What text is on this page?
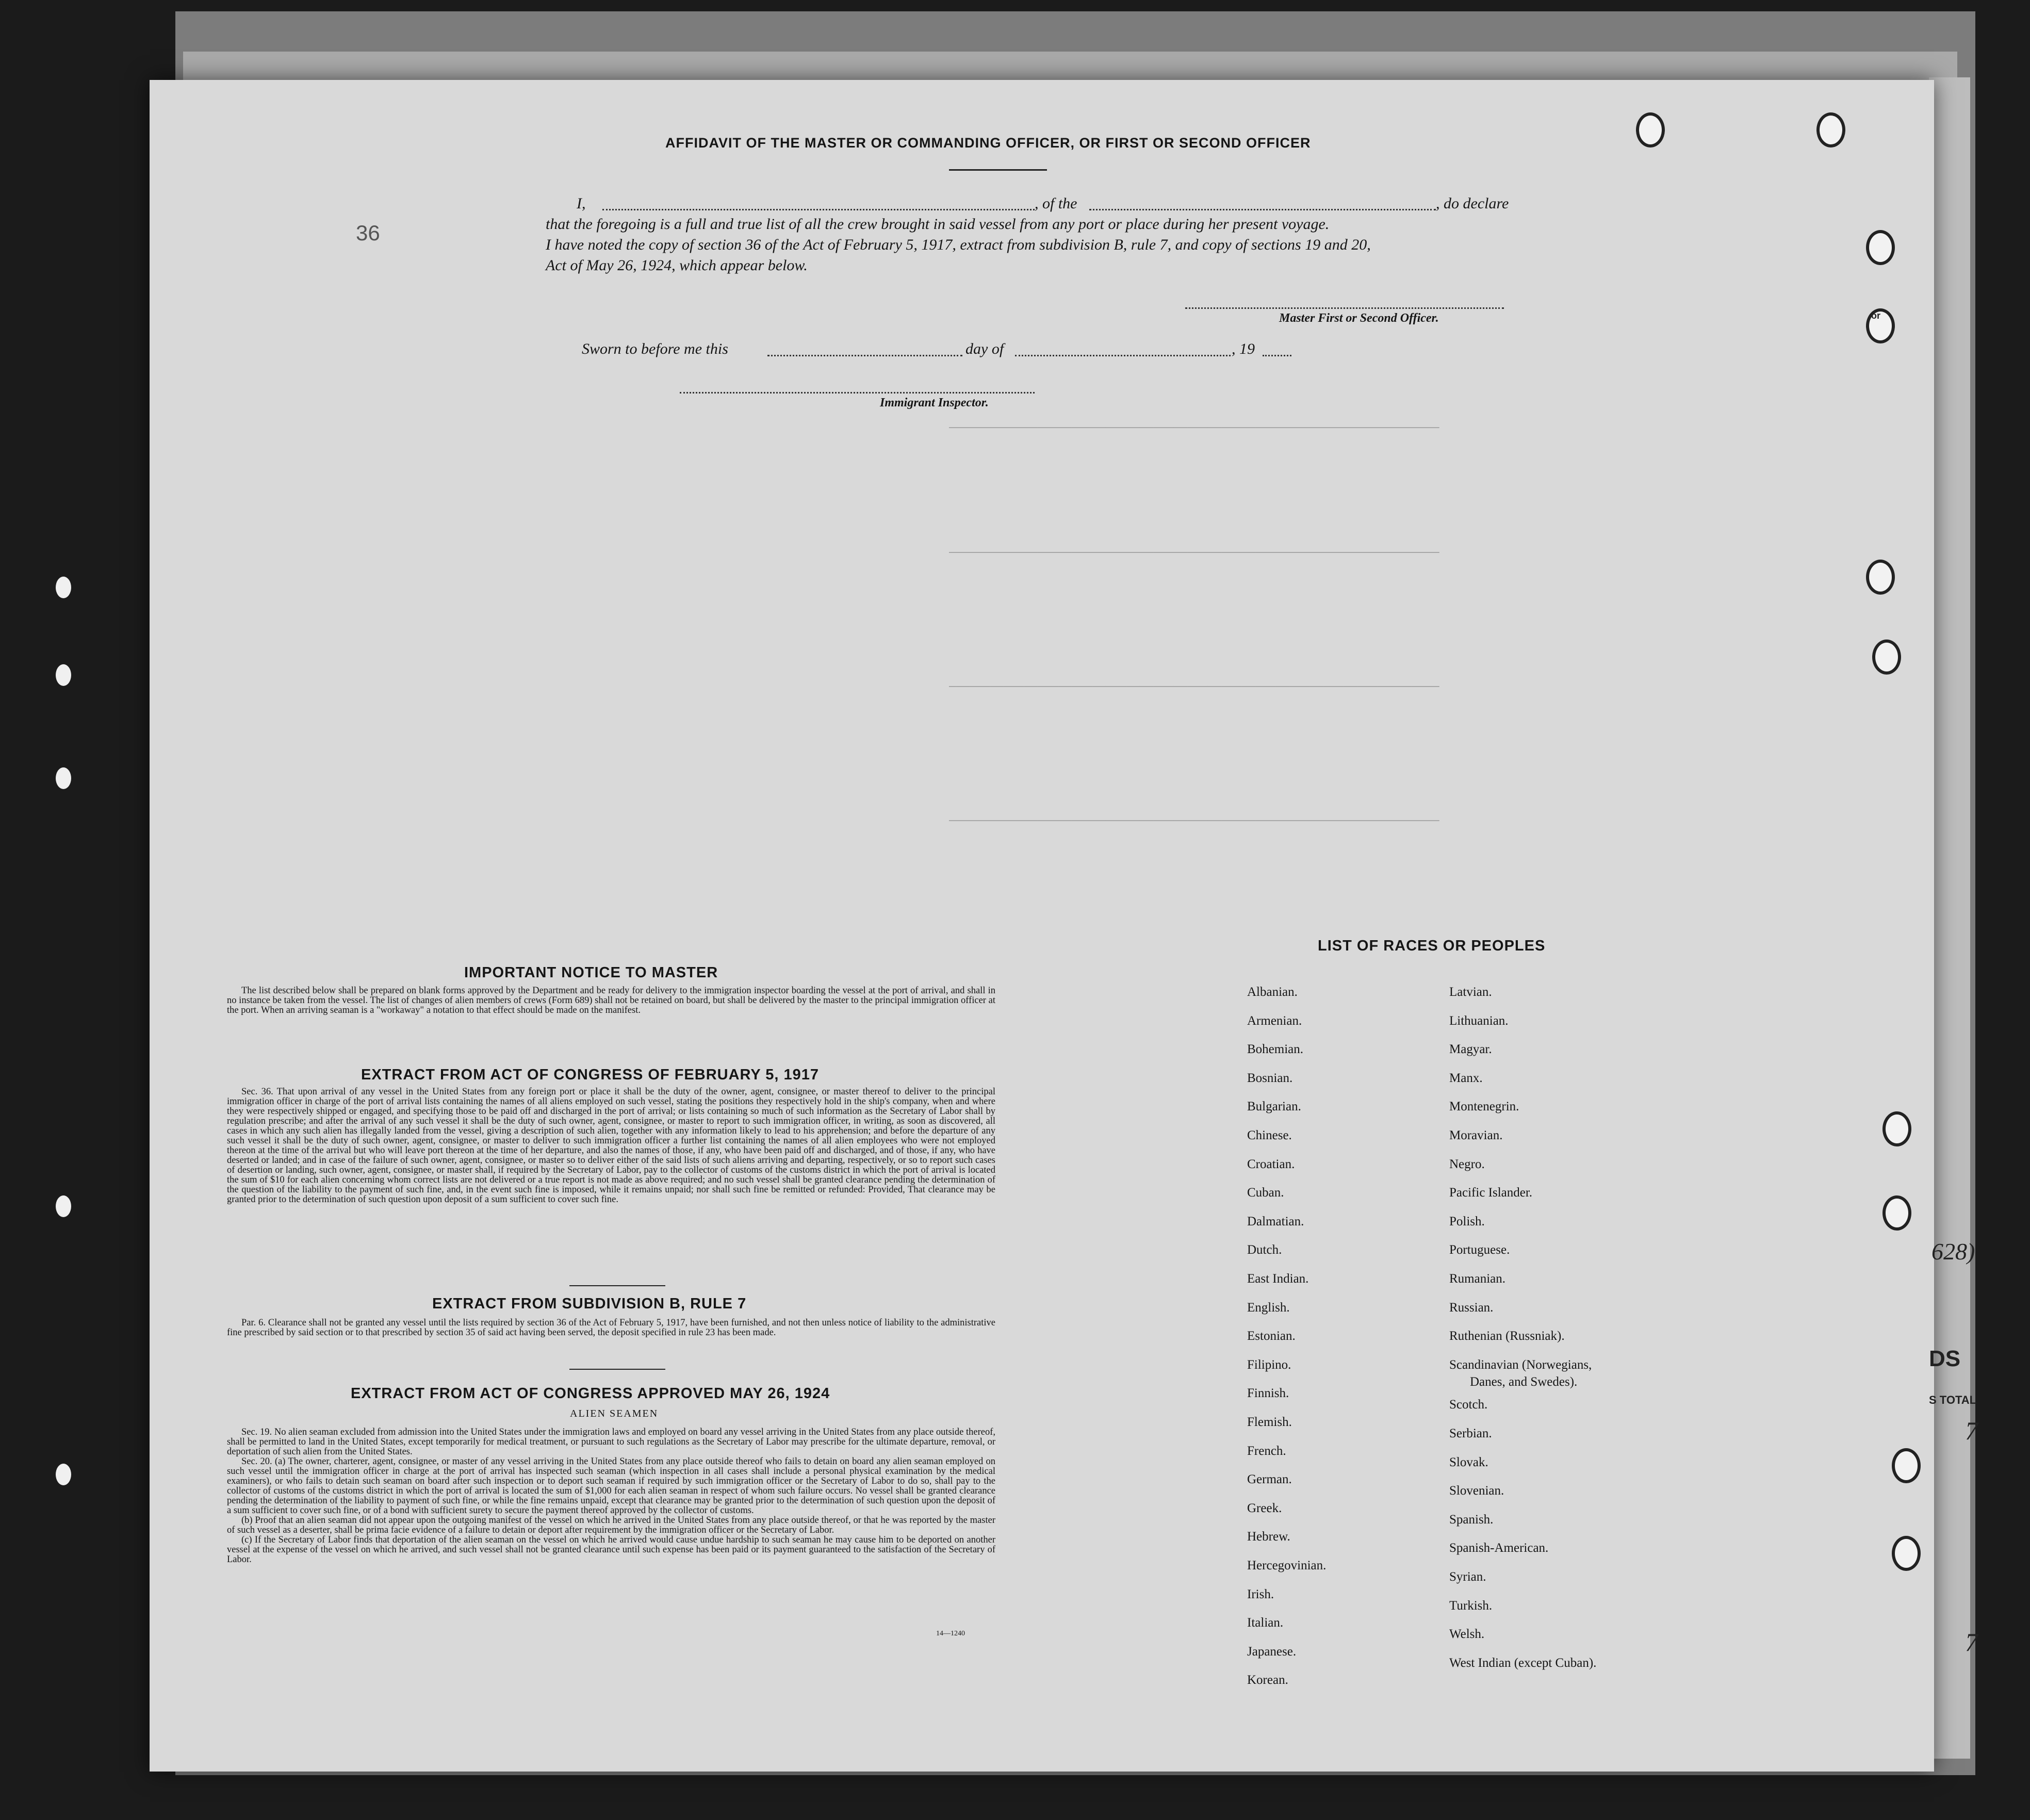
────────────────────────────────────────────────────────────────────────
────────────────────────────────────────────────────────────────────────
────────────────────────────────────────────────────────────────────────
────────────────────────────────────────────────────────────────────────
or
628)
DS
S TOTAL
7
7
36
AFFIDAVIT OF THE MASTER OR COMMANDING OFFICER, OR FIRST OR SECOND OFFICER
I,	, of the	, do declare
that the foregoing is a full and true list of all the crew brought in said vessel from any port or place during her present voyage.
I have noted the copy of section 36 of the Act of February 5, 1917, extract from subdivision B, rule 7, and copy of sections 19 and 20,
Act of May 26, 1924, which appear below.
Master First or Second Officer.
Sworn to before me this	day of	, 19
Immigrant Inspector.
IMPORTANT NOTICE TO MASTER

The list described below shall be prepared on blank forms approved by the Department and be ready for delivery to the immigration inspector boarding the vessel at the port of arrival, and shall in no instance be taken from the vessel. The list of changes of alien members of crews (Form 689) shall not be retained on board, but shall be delivered by the master to the principal immigration officer at the port. When an arriving seaman is a "workaway" a notation to that effect should be made on the manifest.

EXTRACT FROM ACT OF CONGRESS OF FEBRUARY 5, 1917

Sec. 36. That upon arrival of any vessel in the United States from any foreign port or place it shall be the duty of the owner, agent, consignee, or master thereof to deliver to the principal immigration officer in charge of the port of arrival lists containing the names of all aliens employed on such vessel, stating the positions they respectively hold in the ship's company, when and where they were respectively shipped or engaged, and specifying those to be paid off and discharged in the port of arrival; or lists containing so much of such information as the Secretary of Labor shall by regulation prescribe; and after the arrival of any such vessel it shall be the duty of such owner, agent, consignee, or master to report to such immigration officer, in writing, as soon as discovered, all cases in which any such alien has illegally landed from the vessel, giving a description of such alien, together with any information likely to lead to his apprehension; and before the departure of any such vessel it shall be the duty of such owner, agent, consignee, or master to deliver to such immigration officer a further list containing the names of all alien employees who were not employed thereon at the time of the arrival but who will leave port thereon at the time of her departure, and also the names of those, if any, who have been paid off and discharged, and of those, if any, who have deserted or landed; and in case of the failure of such owner, agent, consignee, or master so to deliver either of the said lists of such aliens arriving and departing, respectively, or so to report such cases of desertion or landing, such owner, agent, consignee, or master shall, if required by the Secretary of Labor, pay to the collector of customs of the customs district in which the port of arrival is located the sum of $10 for each alien concerning whom correct lists are not delivered or a true report is not made as above required; and no such vessel shall be granted clearance pending the determination of the question of the liability to the payment of such fine, and, in the event such fine is imposed, while it remains unpaid; nor shall such fine be remitted or refunded: Provided, That clearance may be granted prior to the determination of such question upon deposit of a sum sufficient to cover such fine.

EXTRACT FROM SUBDIVISION B, RULE 7

Par. 6. Clearance shall not be granted any vessel until the lists required by section 36 of the Act of February 5, 1917, have been furnished, and not then unless notice of liability to the administrative fine prescribed by said section or to that prescribed by section 35 of said act having been served, the deposit specified in rule 23 has been made.

EXTRACT FROM ACT OF CONGRESS APPROVED MAY 26, 1924
ALIEN SEAMEN

Sec. 19. No alien seaman excluded from admission into the United States under the immigration laws and employed on board any vessel arriving in the United States from any place outside thereof, shall be permitted to land in the United States, except temporarily for medical treatment, or pursuant to such regulations as the Secretary of Labor may prescribe for the ultimate departure, removal, or deportation of such alien from the United States.

Sec. 20. (a) The owner, charterer, agent, consignee, or master of any vessel arriving in the United States from any place outside thereof who fails to detain on board any alien seaman employed on such vessel until the immigration officer in charge at the port of arrival has inspected such seaman (which inspection in all cases shall include a personal physical examination by the medical examiners), or who fails to detain such seaman on board after such inspection or to deport such seaman if required by such immigration officer or the Secretary of Labor to do so, shall pay to the collector of customs of the customs district in which the port of arrival is located the sum of $1,000 for each alien seaman in respect of whom such failure occurs. No vessel shall be granted clearance pending the determination of the liability to payment of such fine, or while the fine remains unpaid, except that clearance may be granted prior to the determination of such question upon the deposit of a sum sufficient to cover such fine, or of a bond with sufficient surety to secure the payment thereof approved by the collector of customs.

(b) Proof that an alien seaman did not appear upon the outgoing manifest of the vessel on which he arrived in the United States from any place outside thereof, or that he was reported by the master of such vessel as a deserter, shall be prima facie evidence of a failure to detain or deport after requirement by the immigration officer or the Secretary of Labor.

(c) If the Secretary of Labor finds that deportation of the alien seaman on the vessel on which he arrived would cause undue hardship to such seaman he may cause him to be deported on another vessel at the expense of the vessel on which he arrived, and such vessel shall not be granted clearance until such expense has been paid or its payment guaranteed to the satisfaction of the Secretary of Labor.

14—1240
LIST OF RACES OR PEOPLES
Albanian.
Armenian.
Bohemian.
Bosnian.
Bulgarian.
Chinese.
Croatian.
Cuban.
Dalmatian.
Dutch.
East Indian.
English.
Estonian.
Filipino.
Finnish.
Flemish.
French.
German.
Greek.
Hebrew.
Hercegovinian.
Irish.
Italian.
Japanese.
Korean.
Latvian.
Lithuanian.
Magyar.
Manx.
Montenegrin.
Moravian.
Negro.
Pacific Islander.
Polish.
Portuguese.
Rumanian.
Russian.
Ruthenian (Russniak).
Scandinavian (Norwegians,
Danes, and Swedes).
Scotch.
Serbian.
Slovak.
Slovenian.
Spanish.
Spanish-American.
Syrian.
Turkish.
Welsh.
West Indian (except Cuban).
